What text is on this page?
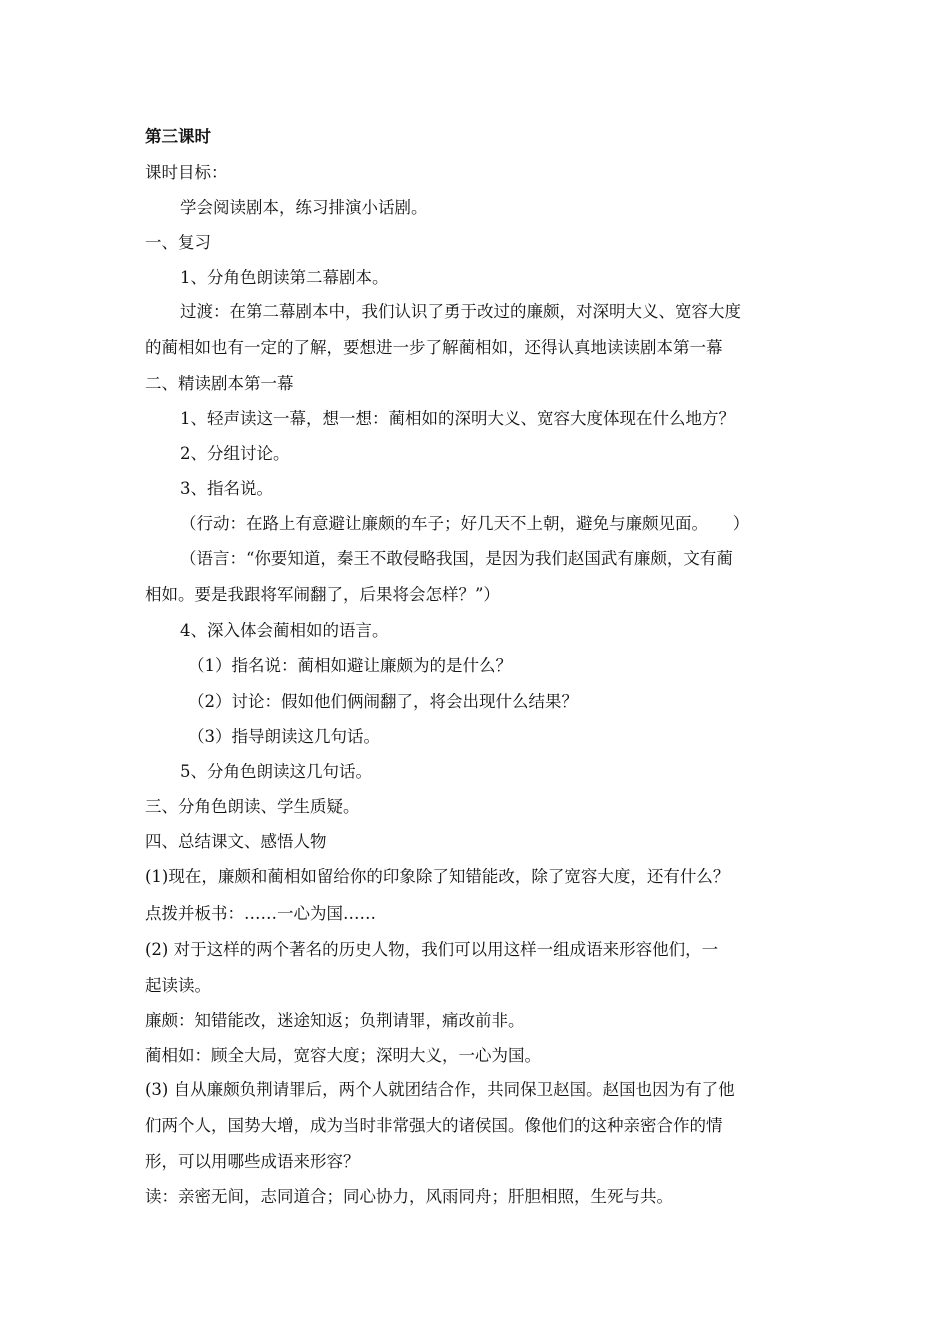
第三课时
课时目标：
学会阅读剧本，练习排演小话剧。
一、复习
1、分角色朗读第二幕剧本。
过渡：在第二幕剧本中，我们认识了勇于改过的廉颇，对深明大义、宽容大度
的蔺相如也有一定的了解，要想进一步了解蔺相如，还得认真地读读剧本第一幕
二、精读剧本第一幕
1、轻声读这一幕，想一想：蔺相如的深明大义、宽容大度体现在什么地方？
2、分组讨论。
3、指名说。
（行动：在路上有意避让廉颇的车子；好几天不上朝，避免与廉颇见面。　　）
（语言：“你要知道，秦王不敢侵略我国，是因为我们赵国武有廉颇，文有蔺
相如。要是我跟将军闹翻了，后果将会怎样？”）
4、深入体会蔺相如的语言。
（1）指名说：蔺相如避让廉颇为的是什么？
（2）讨论：假如他们俩闹翻了，将会出现什么结果？
（3）指导朗读这几句话。
5、分角色朗读这几句话。
三、分角色朗读、学生质疑。
四、总结课文、感悟人物
(1)现在，廉颇和蔺相如留给你的印象除了知错能改，除了宽容大度，还有什么？
点拨并板书：……一心为国……
(2) 对于这样的两个著名的历史人物，我们可以用这样一组成语来形容他们，一
起读读。
廉颇：知错能改，迷途知返；负荆请罪，痛改前非。
蔺相如：顾全大局，宽容大度；深明大义，一心为国。
(3) 自从廉颇负荆请罪后，两个人就团结合作，共同保卫赵国。赵国也因为有了他
们两个人，国势大增，成为当时非常强大的诸侯国。像他们的这种亲密合作的情
形，可以用哪些成语来形容？
读：亲密无间，志同道合；同心协力，风雨同舟；肝胆相照，生死与共。
